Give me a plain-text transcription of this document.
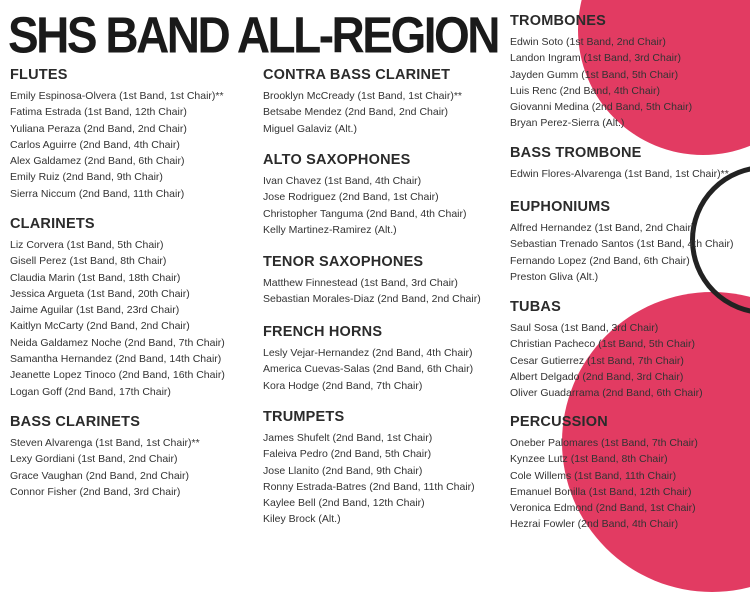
SHS BAND ALL-REGION
FLUTES
Emily Espinosa-Olvera (1st Band, 1st Chair)**
Fatima Estrada (1st Band, 12th Chair)
Yuliana Peraza (2nd Band, 2nd Chair)
Carlos Aguirre (2nd Band, 4th Chair)
Alex Galdamez (2nd Band, 6th Chair)
Emily Ruiz (2nd Band, 9th Chair)
Sierra Niccum (2nd Band, 11th Chair)
CLARINETS
Liz Corvera (1st Band, 5th Chair)
Gisell Perez (1st Band, 8th Chair)
Claudia Marin (1st Band, 18th Chair)
Jessica Argueta (1st Band, 20th Chair)
Jaime Aguilar (1st Band, 23rd Chair)
Kaitlyn McCarty (2nd Band, 2nd Chair)
Neida Galdamez Noche (2nd Band, 7th Chair)
Samantha Hernandez (2nd Band, 14th Chair)
Jeanette Lopez Tinoco (2nd Band, 16th Chair)
Logan Goff (2nd Band, 17th Chair)
BASS CLARINETS
Steven Alvarenga (1st Band, 1st Chair)**
Lexy Gordiani (1st Band, 2nd Chair)
Grace Vaughan (2nd Band, 2nd Chair)
Connor Fisher (2nd Band, 3rd Chair)
CONTRA BASS CLARINET
Brooklyn McCready (1st Band, 1st Chair)**
Betsabe Mendez (2nd Band, 2nd Chair)
Miguel Galaviz (Alt.)
ALTO SAXOPHONES
Ivan Chavez (1st Band, 4th Chair)
Jose Rodriguez (2nd Band, 1st Chair)
Christopher Tanguma (2nd Band, 4th Chair)
Kelly Martinez-Ramirez (Alt.)
TENOR SAXOPHONES
Matthew Finnestead (1st Band, 3rd Chair)
Sebastian Morales-Diaz (2nd Band, 2nd Chair)
FRENCH HORNS
Lesly Vejar-Hernandez (2nd Band, 4th Chair)
America Cuevas-Salas (2nd Band, 6th Chair)
Kora Hodge (2nd Band, 7th Chair)
TRUMPETS
James Shufelt (2nd Band, 1st Chair)
Faleiva Pedro (2nd Band, 5th Chair)
Jose Llanito (2nd Band, 9th Chair)
Ronny Estrada-Batres (2nd Band, 11th Chair)
Kaylee Bell (2nd Band, 12th Chair)
Kiley Brock (Alt.)
TROMBONES
Edwin Soto (1st Band, 2nd Chair)
Landon Ingram (1st Band, 3rd Chair)
Jayden Gumm (1st Band, 5th Chair)
Luis Renc (2nd Band, 4th Chair)
Giovanni Medina (2nd Band, 5th Chair)
Bryan Perez-Sierra (Alt.)
BASS TROMBONE
Edwin Flores-Alvarenga (1st Band, 1st Chair)**
EUPHONIUMS
Alfred Hernandez (1st Band, 2nd Chair)
Sebastian Trenado Santos (1st Band, 4th Chair)
Fernando Lopez (2nd Band, 6th Chair)
Preston Gliva (Alt.)
TUBAS
Saul Sosa (1st Band, 3rd Chair)
Christian Pacheco (1st Band, 5th Chair)
Cesar Gutierrez (1st Band, 7th Chair)
Albert Delgado (2nd Band, 3rd Chair)
Oliver Guadarrama (2nd Band, 6th Chair)
PERCUSSION
Oneber Palomares (1st Band, 7th Chair)
Kynzee Lutz (1st Band, 8th Chair)
Cole Willems (1st Band, 11th Chair)
Emanuel Bonilla (1st Band, 12th Chair)
Veronica Edmond (2nd Band, 1st Chair)
Hezrai Fowler (2nd Band, 4th Chair)
